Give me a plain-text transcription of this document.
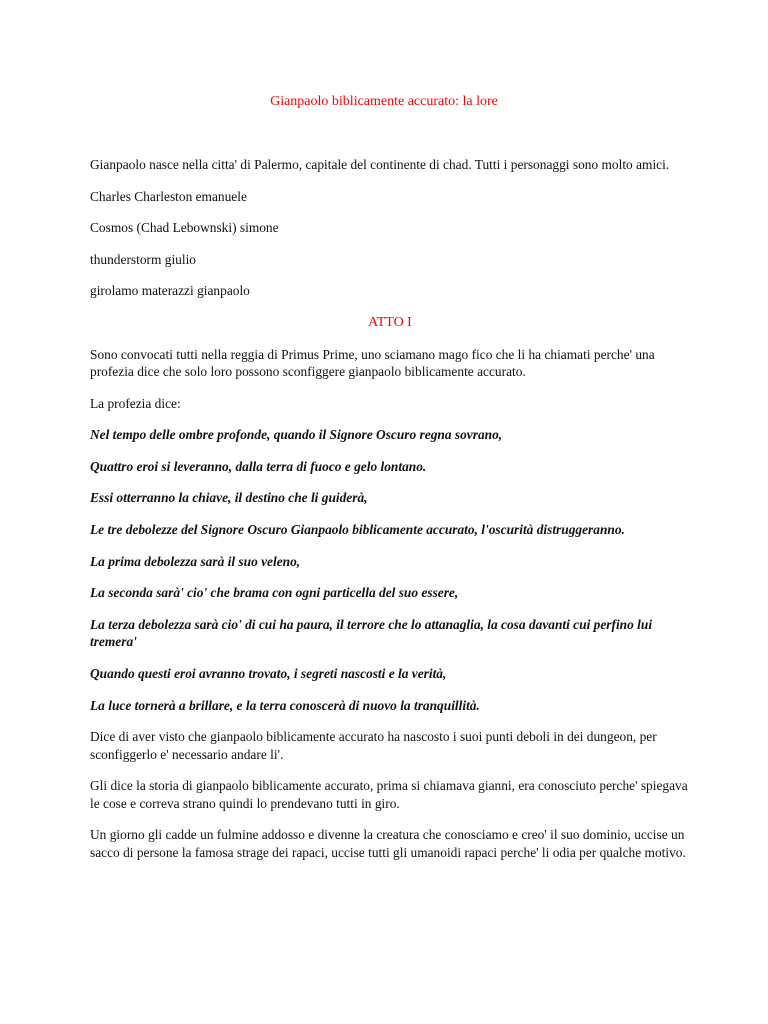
Gianpaolo biblicamente accurato: la lore

Gianpaolo nasce nella citta' di Palermo, capitale del continente di chad. Tutti i personaggi sono molto amici.

Charles Charleston emanuele

Cosmos (Chad Lebownski) simone

thunderstorm giulio

girolamo materazzi gianpaolo

ATTO I

Sono convocati tutti nella reggia di Primus Prime, uno sciamano mago fico che li ha chiamati perche' una profezia dice che solo loro possono sconfiggere gianpaolo biblicamente accurato.

La profezia dice:

Nel tempo delle ombre profonde, quando il Signore Oscuro regna sovrano,

Quattro eroi si leveranno, dalla terra di fuoco e gelo lontano.

Essi otterranno la chiave, il destino che li guiderà,

Le tre debolezze del Signore Oscuro Gianpaolo biblicamente accurato, l'oscurità distruggeranno.

La prima debolezza sarà il suo veleno,

La seconda sarà' cio' che brama con ogni particella del suo essere,

La terza debolezza sarà cio' di cui ha paura, il terrore che lo attanaglia, la cosa davanti cui perfino lui tremera'

Quando questi eroi avranno trovato, i segreti nascosti e la verità,

La luce tornerà a brillare, e la terra conoscerà di nuovo la tranquillità.

Dice di aver visto che gianpaolo biblicamente accurato ha nascosto i suoi punti deboli in dei dungeon, per sconfiggerlo e' necessario andare li'.

Gli dice la storia di gianpaolo biblicamente accurato, prima si chiamava gianni, era conosciuto perche' spiegava le cose e correva strano quindi lo prendevano tutti in giro.

Un giorno gli cadde un fulmine addosso e divenne la creatura che conosciamo e creo' il suo dominio, uccise un sacco di persone la famosa strage dei rapaci, uccise tutti gli umanoidi rapaci perche' li odia per qualche motivo.
